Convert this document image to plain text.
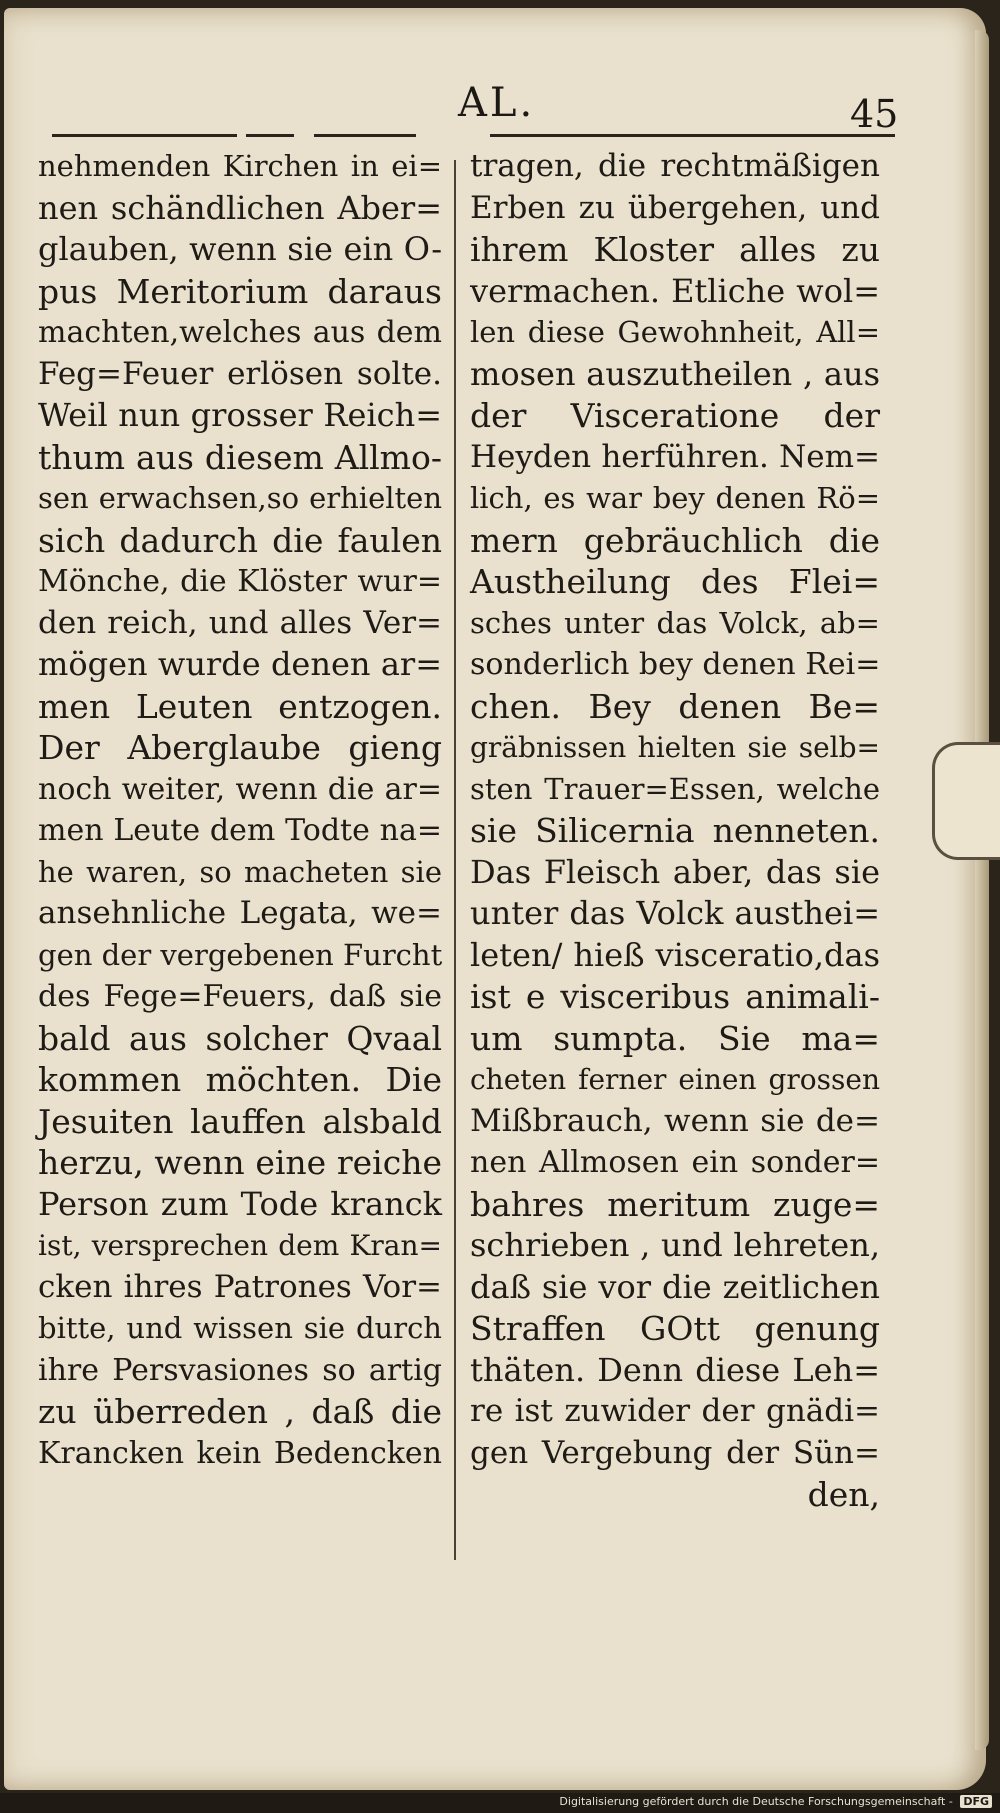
AL.	45
nehmenden Kirchen in ei=
nen schändlichen Aber=
glauben, wenn sie ein O-
pus Meritorium daraus
machten,welches aus dem
Feg=Feuer erlösen solte.
Weil nun grosser Reich=
thum aus diesem Allmo-
sen erwachsen,so erhielten
sich dadurch die faulen
Mönche, die Klöster wur=
den reich, und alles Ver=
mögen wurde denen ar=
men Leuten entzogen.
Der Aberglaube gieng
noch weiter, wenn die ar=
men Leute dem Todte na=
he waren, so macheten sie
ansehnliche Legata, we=
gen der vergebenen Furcht
des Fege=Feuers, daß sie
bald aus solcher Qvaal
kommen möchten. Die
Jesuiten lauffen alsbald
herzu, wenn eine reiche
Person zum Tode kranck
ist, versprechen dem Kran=
cken ihres Patrones Vor=
bitte, und wissen sie durch
ihre Persvasiones so artig
zu überreden , daß die
Krancken kein Bedencken
tragen, die rechtmäßigen
Erben zu übergehen, und
ihrem Kloster alles zu
vermachen. Etliche wol=
len diese Gewohnheit, All=
mosen auszutheilen , aus
der Visceratione der
Heyden herführen. Nem=
lich, es war bey denen Rö=
mern gebräuchlich die
Austheilung des Flei=
sches unter das Volck, ab=
sonderlich bey denen Rei=
chen. Bey denen Be=
gräbnissen hielten sie selb=
sten Trauer=Essen, welche
sie Silicernia nenneten.
Das Fleisch aber, das sie
unter das Volck austhei=
leten/ hieß visceratio,das
ist e visceribus animali-
um sumpta. Sie ma=
cheten ferner einen grossen
Mißbrauch, wenn sie de=
nen Allmosen ein sonder=
bahres meritum zuge=
schrieben , und lehreten,
daß sie vor die zeitlichen
Straffen GOtt genung
thäten. Denn diese Leh=
re ist zuwider der gnädi=
gen Vergebung der Sün=
den,
Digitalisierung gefördert durch die Deutsche Forschungsgemeinschaft - DFG
